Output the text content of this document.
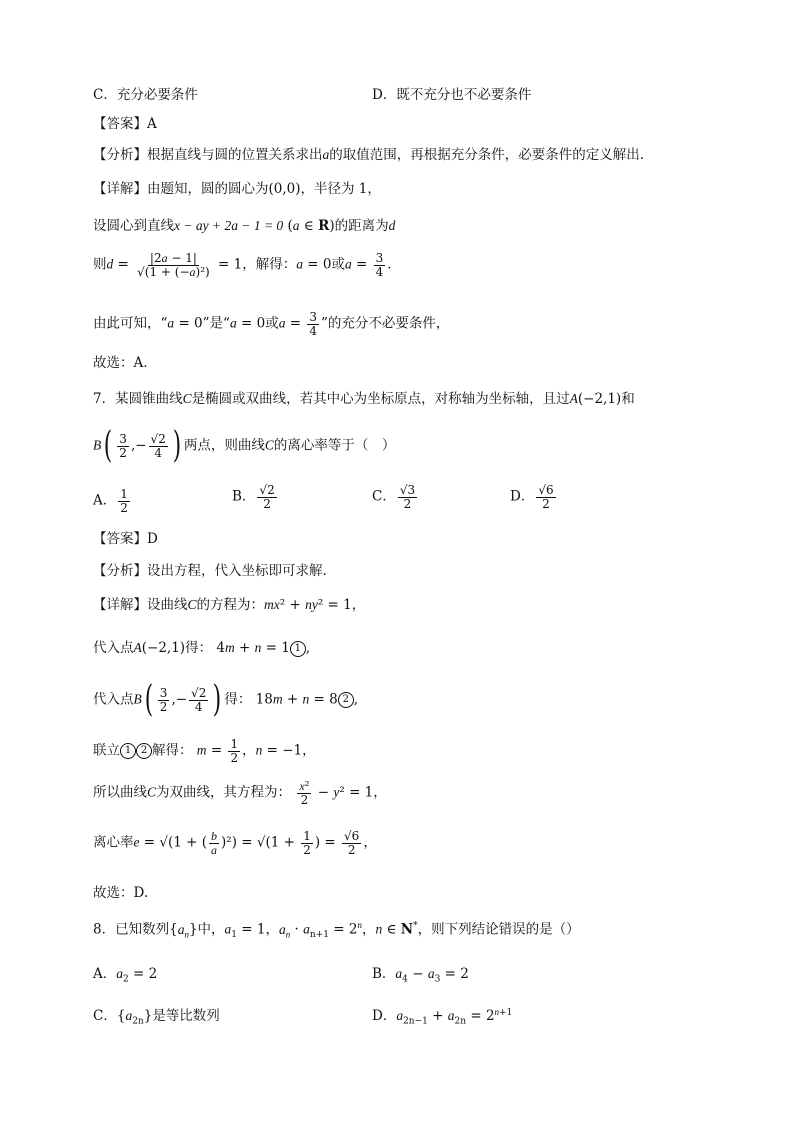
C．充分必要条件	D．既不充分也不必要条件
【答案】A
【分析】根据直线与圆的位置关系求出a的取值范围，再根据充分条件，必要条件的定义解出.
【详解】由题知，圆的圆心为(0,0)，半径为 1，
设圆心到直线x − ay + 2a − 1 = 0 (a ∈ R)的距离为d
则$d = \frac{|2a - 1|}{\text{√(1 + (−a)²)}} = 1$，解得：a = 0或$a = \frac{3}{4}$ .
由此可知，“a = 0”是“a = 0或$a = \frac{3}{4}$ ”的充分不必要条件，
故选：A.
7．某圆锥曲线C是椭圆或双曲线，若其中心为坐标原点，对称轴为坐标轴，且过A(−2,1)和
$B( \frac{3}{2}$ ,− $\frac{√2}{4}$ ) 两点，则曲线C的离心率等于（　）
A． $\frac{1}{2}$	B． $\frac{√2}{2}$	C． $\frac{√3}{2}$	D． $\frac{√6}{2}$
【答案】D
【分析】设出方程，代入坐标即可求解.
【详解】设曲线C的方程为：mx² + ny² = 1，
代入点A(−2,1)得： 4m + n = 1 1 ,
代入点$B( \frac{3}{2}$ ,− $\frac{√2}{4}$ ) 得： 18m + n = 8 2 ,
联立 1 2 解得： $m = \frac{1}{2}$ ，n = −1，
所以曲线C为双曲线，其方程为： $\frac{\text{x²}}{2} - y^2 = 1$，
离心率e = √(1 + ( $\frac{b}{a} )^2) = √(1 + \frac{1}{2}$ ) = $\frac{√6}{2}$ ，
故选：D.
8．已知数列$\{a_n\}$中，$a_1 = 1$，$a_n \cdot a_{n+1} = 2^n$，n ∈ N*，则下列结论错误的是（）
A．$a_2 = 2$	B．$a_4 - a_3 = 2$
C．$\{a_{2n}\}$是等比数列	D．$a_{2n-1} + a_{2n} = 2^{n+1}$
